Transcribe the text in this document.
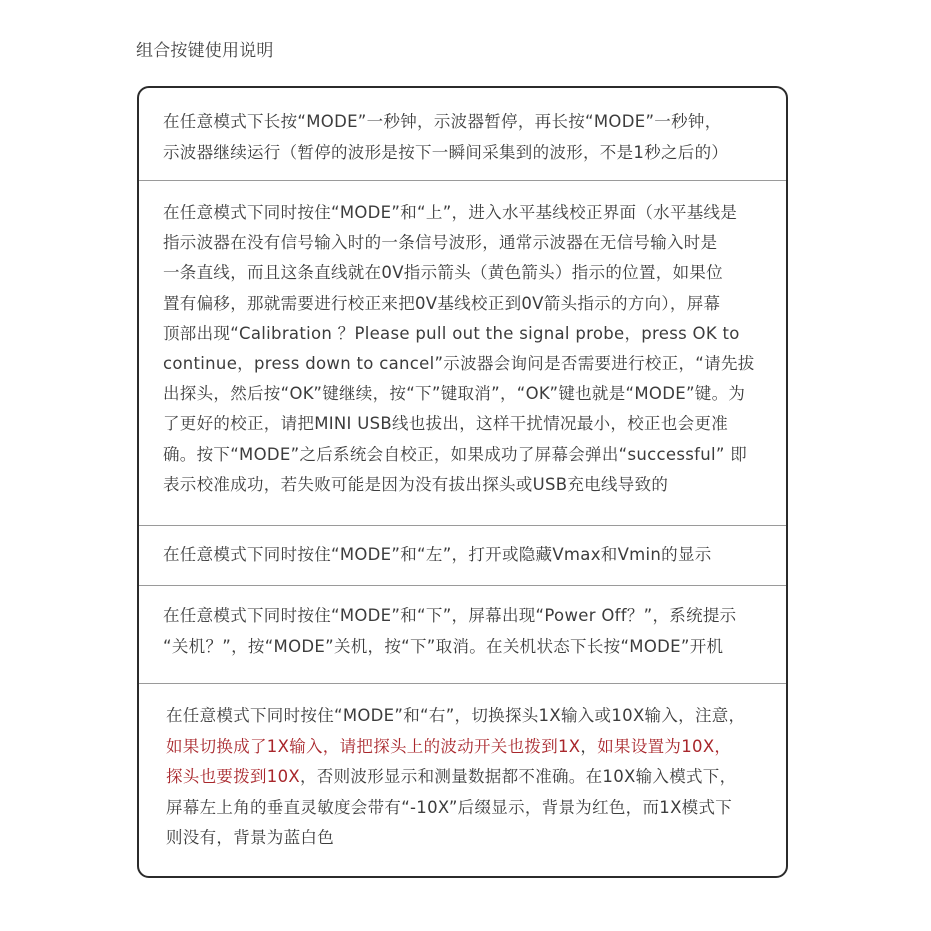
组合按键使用说明
在任意模式下长按“MODE”一秒钟，示波器暂停，再长按“MODE”一秒钟，
示波器继续运行（暂停的波形是按下一瞬间采集到的波形，不是1秒之后的）
在任意模式下同时按住“MODE”和“上”，进入水平基线校正界面（水平基线是
指示波器在没有信号输入时的一条信号波形，通常示波器在无信号输入时是
一条直线，而且这条直线就在0V指示箭头（黄色箭头）指示的位置，如果位
置有偏移，那就需要进行校正来把0V基线校正到0V箭头指示的方向），屏幕
顶部出现“Calibration ？Please pull out the signal probe，press OK to
continue，press down to cancel”示波器会询问是否需要进行校正，“请先拔
出探头，然后按“OK”键继续，按“下”键取消”，“OK”键也就是“MODE”键。为
了更好的校正，请把MINI USB线也拔出，这样干扰情况最小，校正也会更准
确。按下“MODE”之后系统会自校正，如果成功了屏幕会弹出“successful” 即
表示校准成功，若失败可能是因为没有拔出探头或USB充电线导致的
在任意模式下同时按住“MODE”和“左”，打开或隐藏Vmax和Vmin的显示
在任意模式下同时按住“MODE”和“下”，屏幕出现“Power Off？”，系统提示
“关机？”，按“MODE”关机，按“下”取消。在关机状态下长按“MODE”开机
在任意模式下同时按住“MODE”和“右”，切换探头1X输入或10X输入，注意，
如果切换成了1X输入，请把探头上的波动开关也拨到1X，如果设置为10X，
探头也要拨到10X，否则波形显示和测量数据都不准确。在10X输入模式下，
屏幕左上角的垂直灵敏度会带有“-10X”后缀显示，背景为红色，而1X模式下
则没有，背景为蓝白色
